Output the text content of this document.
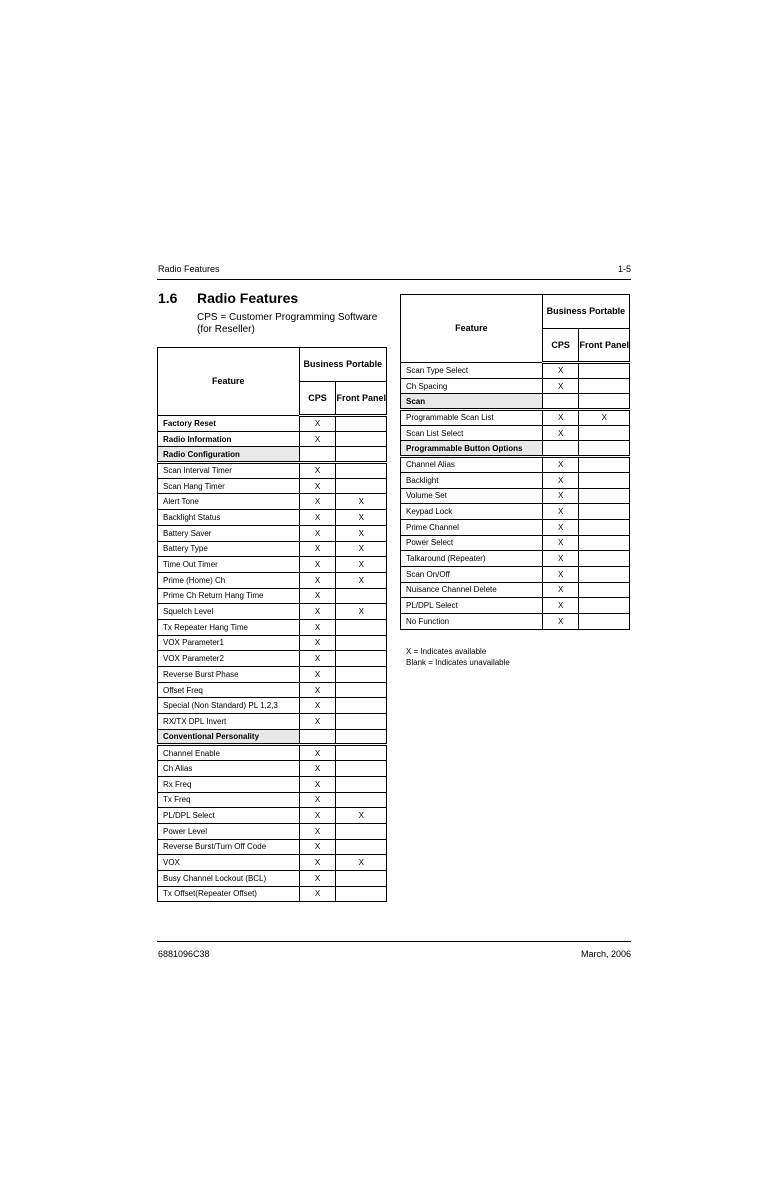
Radio Features	1-5
1.6 Radio Features
CPS = Customer Programming Software
(for Reseller)
Feature	Business Portable	
	CPS	Front Panel
Factory Reset	X	
Radio Information	X	
Radio Configuration		
Scan Interval Timer	X	
Scan Hang Timer	X	
Alert Tone	X	X
Backlight Status	X	X
Battery Saver	X	X
Battery Type	X	X
Time Out Timer	X	X
Prime (Home) Ch	X	X
Prime Ch Return Hang Time	X	
Squelch Level	X	X
Tx Repeater Hang Time	X	
VOX Parameter1	X	
VOX Parameter2	X	
Reverse Burst Phase	X	
Offset Freq	X	
Special (Non Standard) PL 1,2,3	X	
RX/TX DPL Invert	X	
Conventional Personality		
Channel Enable	X	
Ch Alias	X	
Rx Freq	X	
Tx Freq	X	
PL/DPL Select	X	X
Power Level	X	
Reverse Burst/Turn Off Code	X	
VOX	X	X
Busy Channel Lockout (BCL)	X	
Tx Offset(Repeater Offset)	X	
Feature	Business Portable	
	CPS	Front Panel
Scan Type Select	X	
Ch Spacing	X	
Scan		
Programmable Scan List	X	X
Scan List Select	X	
Programmable Button Options		
Channel Alias	X	
Backlight	X	
Volume Set	X	
Keypad Lock	X	
Prime Channel	X	
Power Select	X	
Talkaround (Repeater)	X	
Scan On/Off	X	
Nuisance Channel Delete	X	
PL/DPL Select	X	
No Function	X	
X = Indicates available
Blank = Indicates unavailable
6881096C38	March, 2006
